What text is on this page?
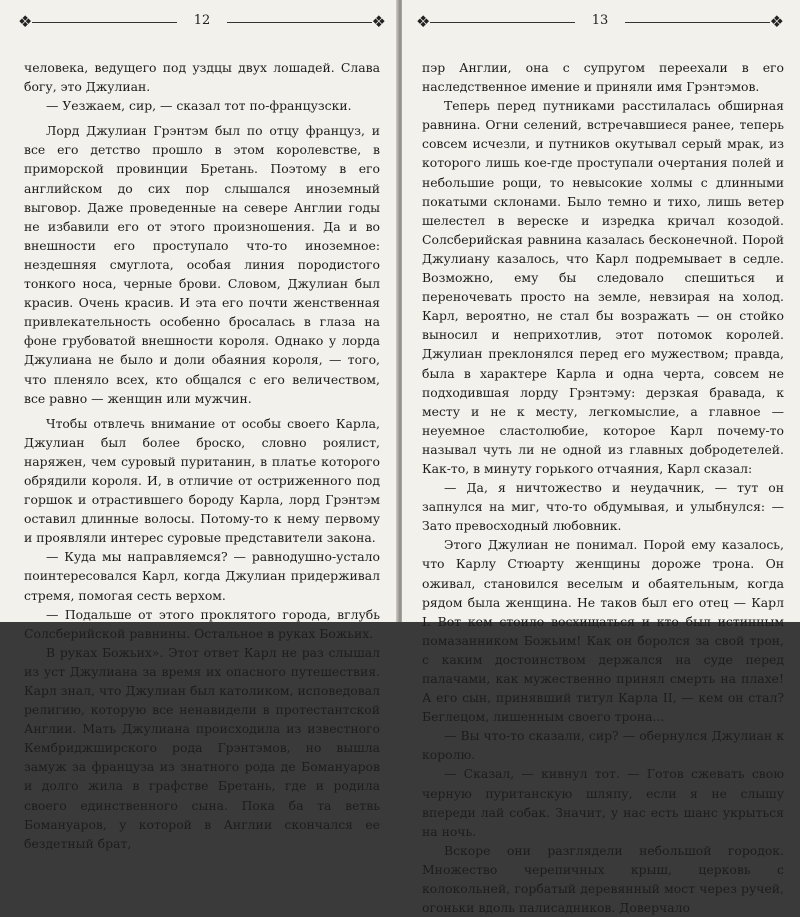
❖	12	❖

человека, ведущего под уздцы двух лошадей. Слава богу, это Джулиан.

— Уезжаем, сир, — сказал тот по-французски.

Лорд Джулиан Грэнтэм был по отцу француз, и все его детство прошло в этом королевстве, в приморской провинции Бретань. Поэтому в его английском до сих пор слышался иноземный выговор. Даже проведенные на севере Англии годы не избавили его от этого произношения. Да и во внешности его проступало что-то иноземное: нездешняя смуглота, особая линия породистого тонкого носа, черные брови. Словом, Джулиан был красив. Очень красив. И эта его почти женственная привлекательность особенно бросалась в глаза на фоне грубоватой внешности короля. Однако у лорда Джулиана не было и доли обаяния короля, — того, что пленяло всех, кто общался с его величеством, все равно — женщин или мужчин.

Чтобы отвлечь внимание от особы своего Карла, Джулиан был более броско, словно роялист, наряжен, чем суровый пуританин, в платье которого обрядили короля. И, в отличие от остриженного под горшок и отрастившего бороду Карла, лорд Грэнтэм оставил длинные волосы. Потому-то к нему первому и проявляли интерес суровые представители закона.

— Куда мы направляемся? — равнодушно-устало поинтересовался Карл, когда Джулиан придерживал стремя, помогая сесть верхом.

— Подальше от этого проклятого города, вглубь Солсберийской равнины. Остальное в руках Божьих.

В руках Божьих». Этот ответ Карл не раз слышал из уст Джулиана за время их опасного путешествия. Карл знал, что Джулиан был католиком, исповедовал религию, которую все ненавидели в протестантской Англии. Мать Джулиана происходила из известного Кембриджширского рода Грэнтэмов, но вышла замуж за француза из знатного рода де Бомануаров и долго жила в графстве Бретань, где и родила своего единственного сына. Пока ба та ветвь Бомануаров, у которой в Англии скончался ее бездетный брат,

❖	13	❖

пэр Англии, она с супругом переехали в его наследственное имение и приняли имя Грэнтэмов.

Теперь перед путниками расстилалась обширная равнина. Огни селений, встречавшиеся ранее, теперь совсем исчезли, и путников окутывал серый мрак, из которого лишь кое-где проступали очертания полей и небольшие рощи, то невысокие холмы с длинными покатыми склонами. Было темно и тихо, лишь ветер шелестел в вереске и изредка кричал козодой. Солсберийская равнина казалась бесконечной. Порой Джулиану казалось, что Карл подремывает в седле. Возможно, ему бы следовало спешиться и переночевать просто на земле, невзирая на холод. Карл, вероятно, не стал бы возражать — он стойко выносил и неприхотлив, этот потомок королей. Джулиан преклонялся перед его мужеством; правда, была в характере Карла и одна черта, совсем не подходившая лорду Грэнтэму: дерзкая бравада, к месту и не к месту, легкомыслие, а главное — неуемное сластолюбие, которое Карл почему-то называл чуть ли не одной из главных добродетелей. Как-то, в минуту горького отчаяния, Карл сказал:

— Да, я ничтожество и неудачник, — тут он запнулся на миг, что-то обдумывая, и улыбнулся: — Зато превосходный любовник.

Этого Джулиан не понимал. Порой ему казалось, что Карлу Стюарту женщины дороже трона. Он оживал, становился веселым и обаятельным, когда рядом была женщина. Не таков был его отец — Карл I. Вот кем стоило восхищаться и кто был истинным помазанником Божьим! Как он боролся за свой трон, с каким достоинством держался на суде перед палачами, как мужественно принял смерть на плахе! А его сын, принявший титул Карла II, — кем он стал? Беглецом, лишенным своего трона...

— Вы что-то сказали, сир? — обернулся Джулиан к королю.

— Сказал, — кивнул тот. — Готов сжевать свою черную пуританскую шляпу, если я не слышу впереди лай собак. Значит, у нас есть шанс укрыться на ночь.

Вскоре они разглядели небольшой городок. Множество черепичных крыш, церковь с колокольней, горбатый деревянный мост через ручей, огоньки вдоль палисадников. Доверчало
